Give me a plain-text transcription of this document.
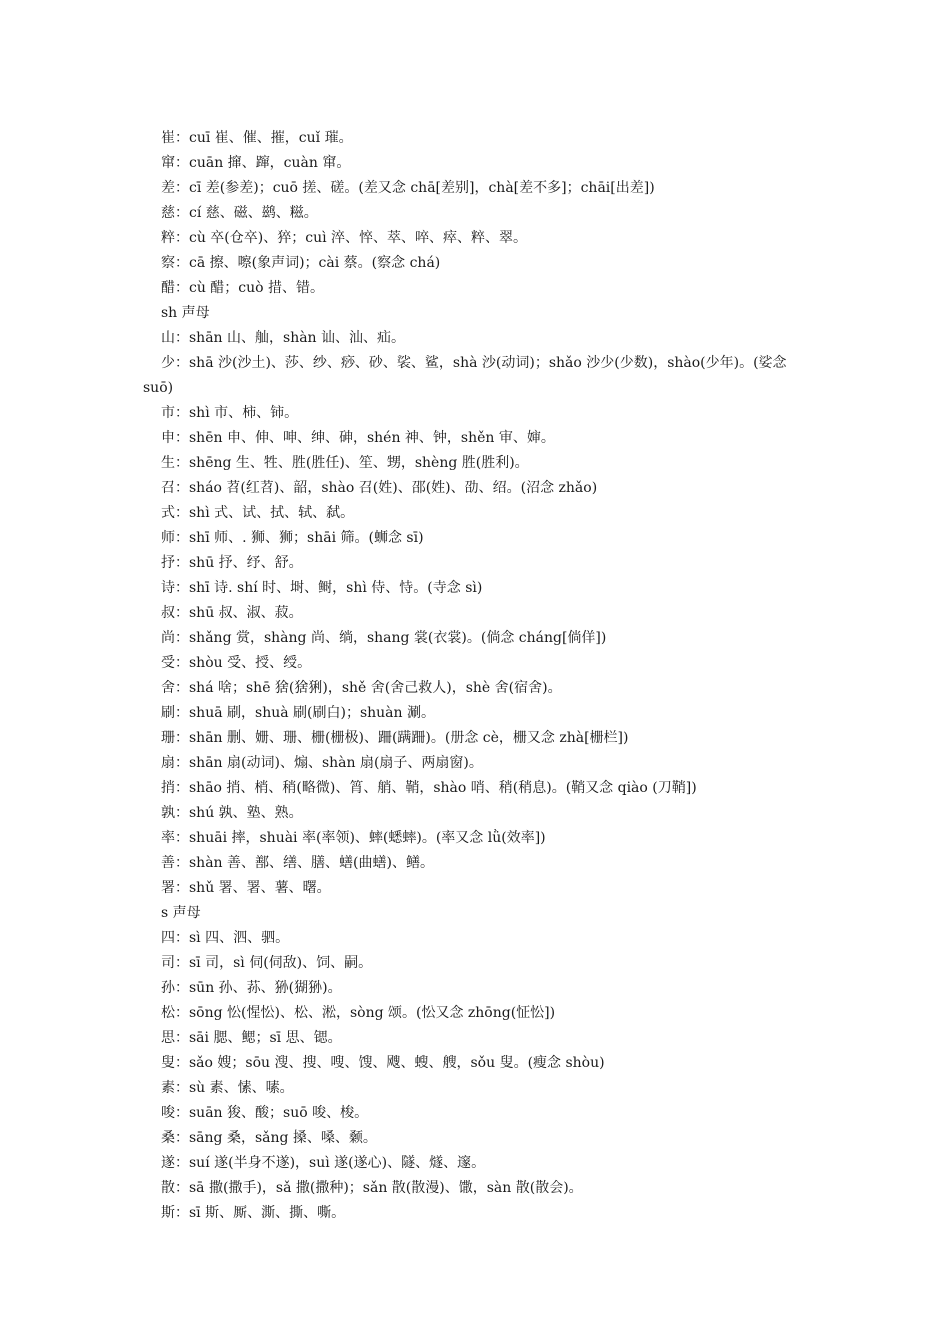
崔：cuī 崔、催、摧，cuǐ 璀。

窜：cuān 撺、蹿，cuàn 窜。

差：cī 差(参差)；cuō 搓、磋。(差又念 chā[差别]，chà[差不多]；chāi[出差])

慈：cí 慈、磁、鹚、糍。

粹：cù 卒(仓卒)、猝；cuì 淬、悴、萃、啐、瘁、粹、翠。

察：cā 擦、嚓(象声词)；cài 蔡。(察念 chá)

醋：cù 醋；cuò 措、错。

sh 声母

山：shān 山、舢，shàn 讪、汕、疝。

少：shā 沙(沙土)、莎、纱、痧、砂、裟、鲨，shà 沙(动词)；shǎo 沙少(少数)，shào(少年)。(娑念 suō)

市：shì 市、柿、铈。

申：shēn 申、伸、呻、绅、砷，shén 神、钟，shěn 审、婶。

生：shēng 生、牲、胜(胜任)、笙、甥，shèng 胜(胜利)。

召：sháo 苕(红苕)、韶，shào 召(姓)、邵(姓)、劭、绍。(沼念 zhǎo)

式：shì 式、试、拭、轼、弑。

师：shī 师、. 狮、狮；shāi 筛。(蛳念 sī)

抒：shū 抒、纾、舒。

诗：shī 诗. shí 时、埘、鲥，shì 侍、恃。(寺念 sì)

叔：shū 叔、淑、菽。

尚：shǎng 赏，shàng 尚、绱，shang 裳(衣裳)。(倘念 cháng[倘佯])

受：shòu 受、授、绶。

舍：shá 啥；shē 猞(猞猁)，shě 舍(舍己救人)，shè 舍(宿舍)。

刷：shuā 刷，shuà 刷(刷白)；shuàn 涮。

珊：shān 删、姗、珊、栅(栅极)、跚(蹒跚)。(册念 cè，栅又念 zhà[栅栏])

扇：shān 扇(动词)、煽、shàn 扇(扇子、两扇窗)。

捎：shāo 捎、梢、稍(略微)、筲、艄、鞘，shào 哨、稍(稍息)。(鞘又念 qiào (刀鞘])

孰：shú 孰、塾、熟。

率：shuāi 摔，shuài 率(率领)、蟀(蟋蟀)。(率又念 lǜ(效率])

善：shàn 善、鄯、缮、膳、蟮(曲蟮)、鳝。

署：shǔ 署、署、薯、曙。

s 声母

四：sì 四、泗、驷。

司：sī 司，sì 伺(伺敌)、饲、嗣。

孙：sūn 孙、荪、狲(猢狲)。

松：sōng 忪(惺忪)、松、淞，sòng 颂。(忪又念 zhōng(怔忪])

思：sāi 腮、鳃；sī 思、锶。

叟：sǎo 嫂；sōu 溲、搜、嗖、馊、飕、螋、艘，sǒu 叟。(瘦念 shòu)

素：sù 素、愫、嗉。

唆：suān 狻、酸；suō 唆、梭。

桑：sāng 桑，sǎng 搡、嗓、颡。

遂：suí 遂(半身不遂)，suì 遂(遂心)、隧、燧、邃。

散：sā 撒(撒手)，sǎ 撒(撒种)；sǎn 散(散漫)、馓，sàn 散(散会)。

斯：sī 斯、厮、澌、撕、嘶。
